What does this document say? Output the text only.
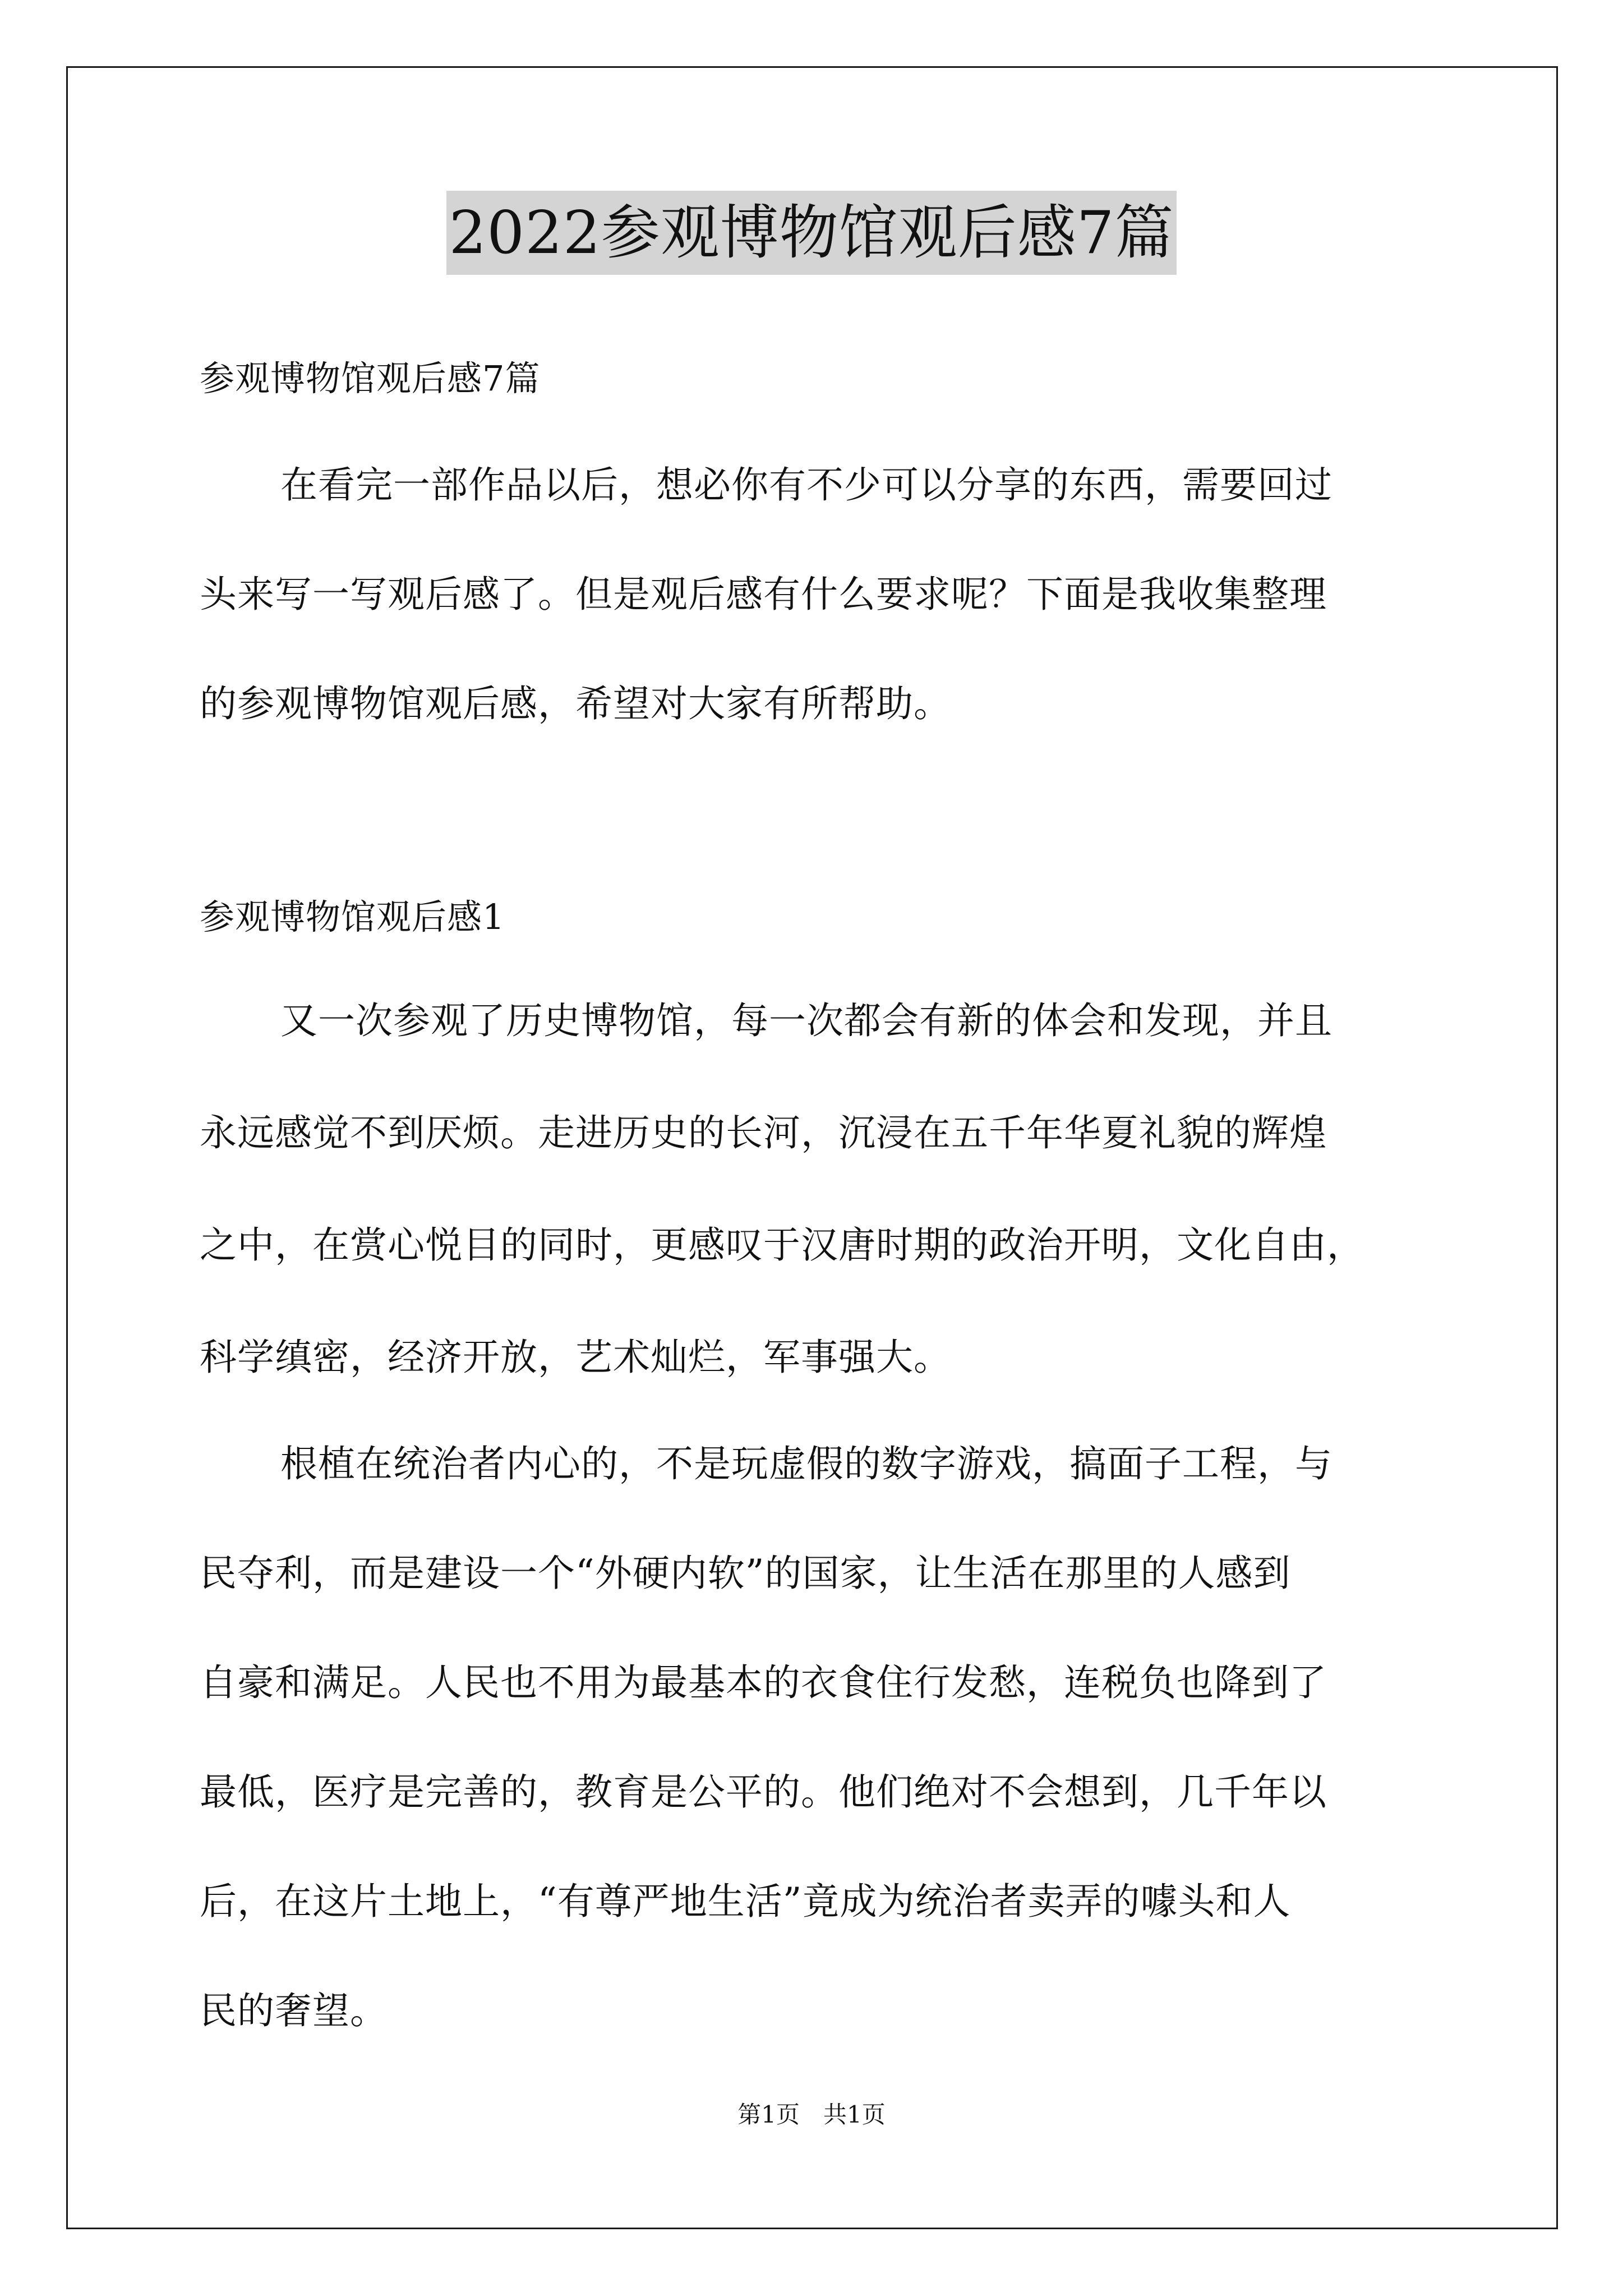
2022参观博物馆观后感7篇
参观博物馆观后感7篇
在看完一部作品以后，想必你有不少可以分享的东西，需要回过
头来写一写观后感了。但是观后感有什么要求呢？下面是我收集整理
的参观博物馆观后感，希望对大家有所帮助。
参观博物馆观后感1
又一次参观了历史博物馆，每一次都会有新的体会和发现，并且
永远感觉不到厌烦。走进历史的长河，沉浸在五千年华夏礼貌的辉煌
之中，在赏心悦目的同时，更感叹于汉唐时期的政治开明，文化自由，
科学缜密，经济开放，艺术灿烂，军事强大。
根植在统治者内心的，不是玩虚假的数字游戏，搞面子工程，与
民夺利，而是建设一个“外硬内软”的国家，让生活在那里的人感到
自豪和满足。人民也不用为最基本的衣食住行发愁，连税负也降到了
最低，医疗是完善的，教育是公平的。他们绝对不会想到，几千年以
后，在这片土地上，“有尊严地生活”竟成为统治者卖弄的噱头和人
民的奢望。
第1页　共1页
